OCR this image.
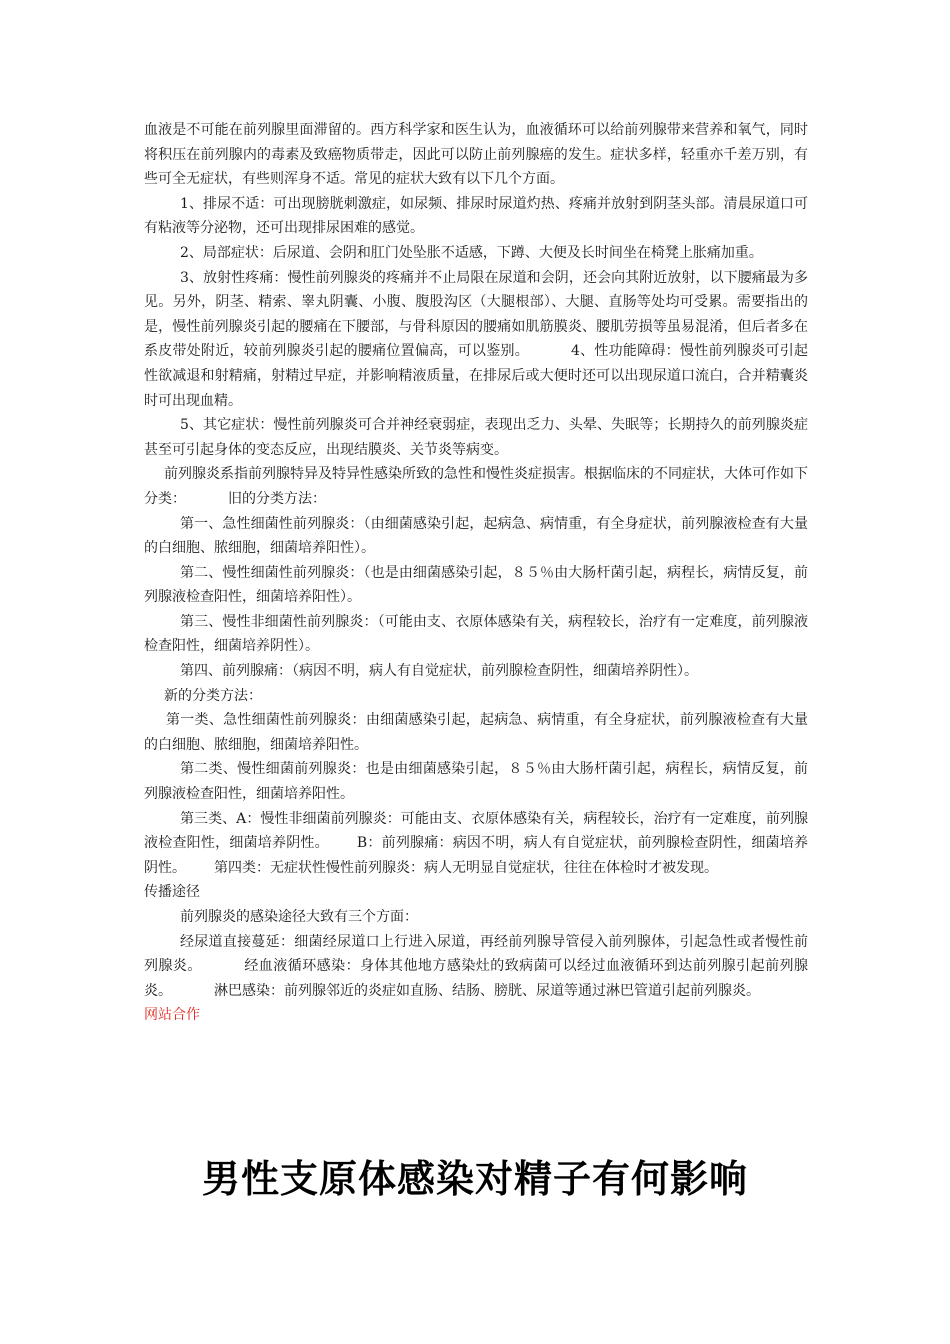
血液是不可能在前列腺里面滞留的。西方科学家和医生认为，血液循环可以给前列腺带来营养和氧气，同时将积压在前列腺内的毒素及致癌物质带走，因此可以防止前列腺癌的发生。症状多样，轻重亦千差万别，有些可全无症状，有些则浑身不适。常见的症状大致有以下几个方面。

1、排尿不适：可出现膀胱刺激症，如尿频、排尿时尿道灼热、疼痛并放射到阴茎头部。清晨尿道口可有粘液等分泌物，还可出现排尿困难的感觉。

2、局部症状：后尿道、会阴和肛门处坠胀不适感，下蹲、大便及长时间坐在椅凳上胀痛加重。

3、放射性疼痛：慢性前列腺炎的疼痛并不止局限在尿道和会阴，还会向其附近放射，以下腰痛最为多见。另外，阴茎、精索、睾丸阴囊、小腹、腹股沟区（大腿根部）、大腿、直肠等处均可受累。需要指出的是，慢性前列腺炎引起的腰痛在下腰部，与骨科原因的腰痛如肌筋膜炎、腰肌劳损等虽易混淆，但后者多在系皮带处附近，较前列腺炎引起的腰痛位置偏高，可以鉴别。	4、性功能障碍：慢性前列腺炎可引起性欲减退和射精痛，射精过早症，并影响精液质量，在排尿后或大便时还可以出现尿道口流白，合并精囊炎时可出现血精。

5、其它症状：慢性前列腺炎可合并神经衰弱症，表现出乏力、头晕、失眠等；长期持久的前列腺炎症甚至可引起身体的变态反应，出现结膜炎、关节炎等病变。

前列腺炎系指前列腺特异及特异性感染所致的急性和慢性炎症损害。根据临床的不同症状，大体可作如下分类：	旧的分类方法：

第一、急性细菌性前列腺炎：（由细菌感染引起，起病急、病情重，有全身症状，前列腺液检查有大量的白细胞、脓细胞，细菌培养阳性）。

第二、慢性细菌性前列腺炎：（也是由细菌感染引起，８５％由大肠杆菌引起，病程长，病情反复，前列腺液检查阳性，细菌培养阳性）。

第三、慢性非细菌性前列腺炎：（可能由支、衣原体感染有关，病程较长，治疗有一定难度，前列腺液检查阳性，细菌培养阴性）。

第四、前列腺痛：（病因不明，病人有自觉症状，前列腺检查阴性，细菌培养阴性）。

新的分类方法：

第一类、急性细菌性前列腺炎：由细菌感染引起，起病急、病情重，有全身症状，前列腺液检查有大量的白细胞、脓细胞，细菌培养阳性。

第二类、慢性细菌前列腺炎：也是由细菌感染引起，８５％由大肠杆菌引起，病程长，病情反复，前列腺液检查阳性，细菌培养阳性。

第三类、A：慢性非细菌前列腺炎：可能由支、衣原体感染有关，病程较长，治疗有一定难度，前列腺液检查阳性，细菌培养阴性。 B：前列腺痛：病因不明，病人有自觉症状，前列腺检查阴性，细菌培养阴性。 第四类：无症状性慢性前列腺炎：病人无明显自觉症状，往往在体检时才被发现。

传播途径

前列腺炎的感染途径大致有三个方面：

经尿道直接蔓延：细菌经尿道口上行进入尿道，再经前列腺导管侵入前列腺体，引起急性或者慢性前列腺炎。	经血液循环感染：身体其他地方感染灶的致病菌可以经过血液循环到达前列腺引起前列腺炎。	淋巴感染：前列腺邻近的炎症如直肠、结肠、膀胱、尿道等通过淋巴管道引起前列腺炎。

网站合作

男性支原体感染对精子有何影响
